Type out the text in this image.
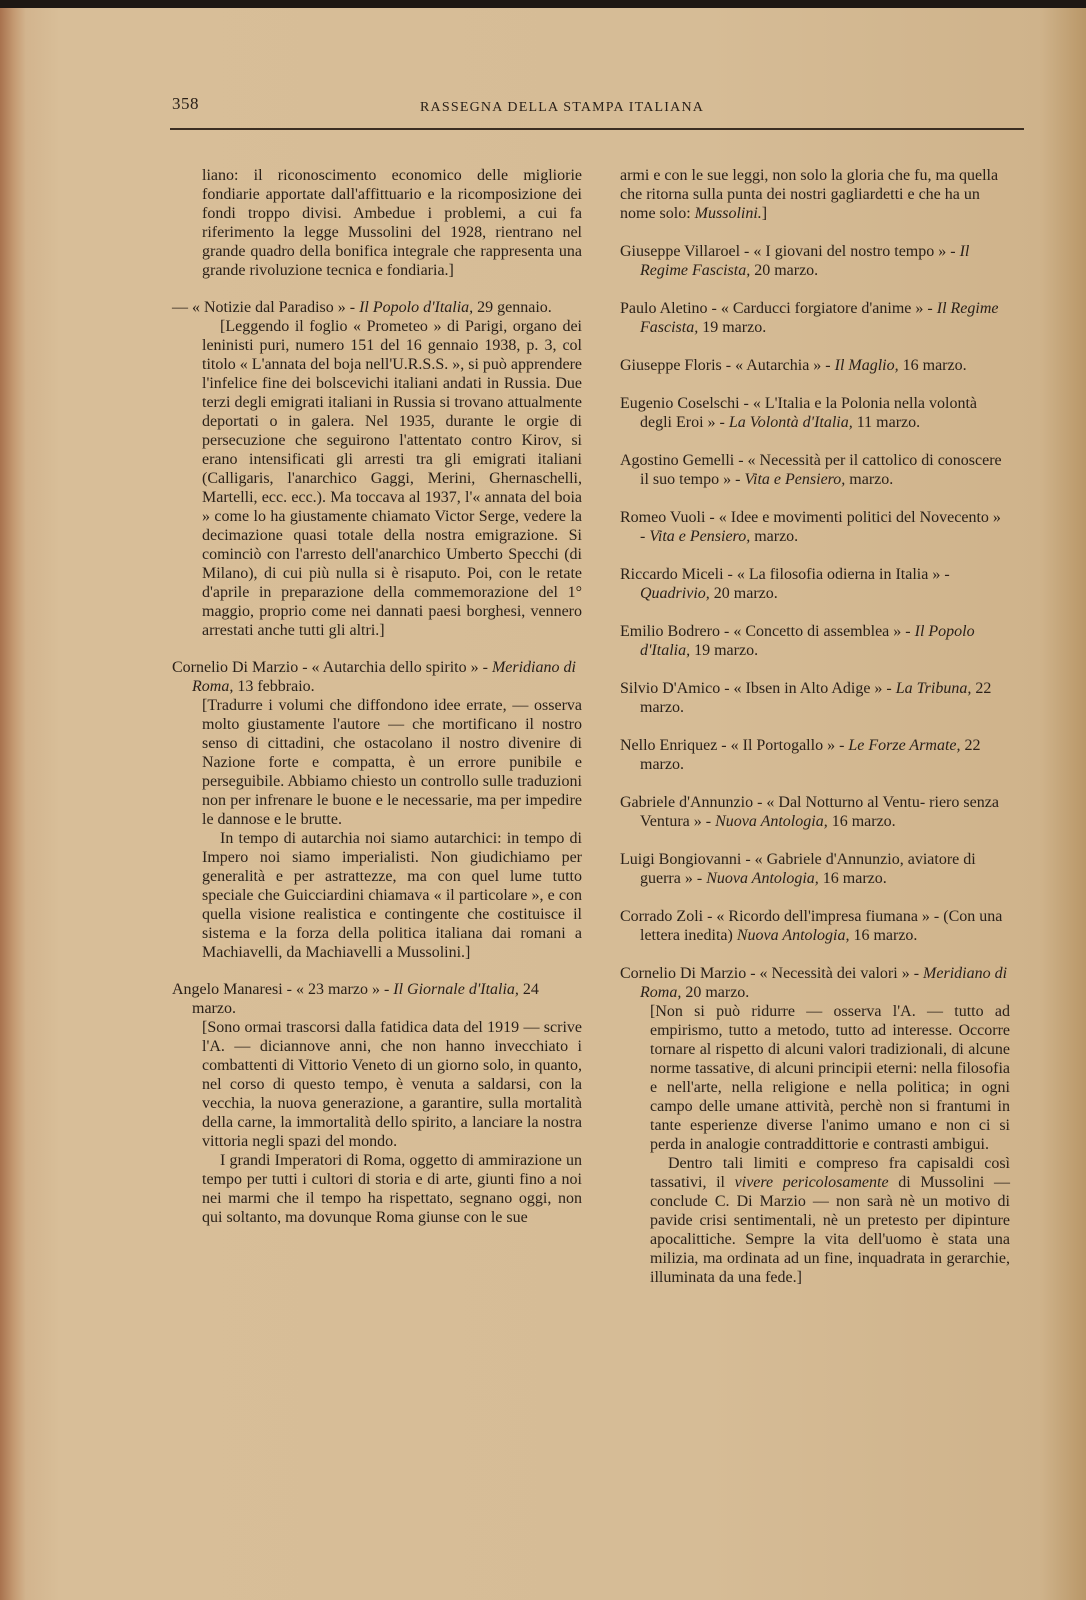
358	RASSEGNA DELLA STAMPA ITALIANA

liano: il riconoscimento economico delle migliorie fondiarie apportate dall'affittuario e la ricomposizione dei fondi troppo divisi. Ambedue i problemi, a cui fa riferimento la legge Mussolini del 1928, rientrano nel grande quadro della bonifica integrale che rappresenta una grande rivoluzione tecnica e fondiaria.]

— « Notizie dal Paradiso » - Il Popolo d'Italia, 29 gennaio.

[Leggendo il foglio « Prometeo » di Parigi, organo dei leninisti puri, numero 151 del 16 gennaio 1938, p. 3, col titolo « L'annata del boja nell'U.R.S.S. », si può apprendere l'infelice fine dei bolscevichi italiani andati in Russia. Due terzi degli emigrati italiani in Russia si trovano attualmente deportati o in galera. Nel 1935, durante le orgie di persecuzione che seguirono l'attentato contro Kirov, si erano intensificati gli arresti tra gli emigrati italiani (Calligaris, l'anarchico Gaggi, Merini, Ghernaschelli, Martelli, ecc. ecc.). Ma toccava al 1937, l'« annata del boia » come lo ha giustamente chiamato Victor Serge, vedere la decimazione quasi totale della nostra emigrazione. Si cominciò con l'arresto dell'anarchico Umberto Specchi (di Milano), di cui più nulla si è risaputo. Poi, con le retate d'aprile in preparazione della commemorazione del 1° maggio, proprio come nei dannati paesi borghesi, vennero arrestati anche tutti gli altri.]

Cornelio Di Marzio - « Autarchia dello spirito » - Meridiano di Roma, 13 febbraio.

[Tradurre i volumi che diffondono idee errate, — osserva molto giustamente l'autore — che mortificano il nostro senso di cittadini, che ostacolano il nostro divenire di Nazione forte e compatta, è un errore punibile e perseguibile. Abbiamo chiesto un controllo sulle traduzioni non per infrenare le buone e le necessarie, ma per impedire le dannose e le brutte.

In tempo di autarchia noi siamo autarchici: in tempo di Impero noi siamo imperialisti. Non giudichiamo per generalità e per astrattezze, ma con quel lume tutto speciale che Guicciardini chiamava « il particolare », e con quella visione realistica e contingente che costituisce il sistema e la forza della politica italiana dai romani a Machiavelli, da Machiavelli a Mussolini.]

Angelo Manaresi - « 23 marzo » - Il Giornale d'Italia, 24 marzo.

[Sono ormai trascorsi dalla fatidica data del 1919 — scrive l'A. — diciannove anni, che non hanno invecchiato i combattenti di Vittorio Veneto di un giorno solo, in quanto, nel corso di questo tempo, è venuta a saldarsi, con la vecchia, la nuova generazione, a garantire, sulla mortalità della carne, la immortalità dello spirito, a lanciare la nostra vittoria negli spazi del mondo.

I grandi Imperatori di Roma, oggetto di ammirazione un tempo per tutti i cultori di storia e di arte, giunti fino a noi nei marmi che il tempo ha rispettato, segnano oggi, non qui soltanto, ma dovunque Roma giunse con le sue

armi e con le sue leggi, non solo la gloria che fu, ma quella che ritorna sulla punta dei nostri gagliardetti e che ha un nome solo: Mussolini.]
Giuseppe Villaroel - « I giovani del nostro tempo » - Il Regime Fascista, 20 marzo.
Paulo Aletino - « Carducci forgiatore d'anime » - Il Regime Fascista, 19 marzo.
Giuseppe Floris - « Autarchia » - Il Maglio, 16 marzo.
Eugenio Coselschi - « L'Italia e la Polonia nella volontà degli Eroi » - La Volontà d'Italia, 11 marzo.
Agostino Gemelli - « Necessità per il cattolico di conoscere il suo tempo » - Vita e Pensiero, marzo.
Romeo Vuoli - « Idee e movimenti politici del Novecento » - Vita e Pensiero, marzo.
Riccardo Miceli - « La filosofia odierna in Italia » - Quadrivio, 20 marzo.
Emilio Bodrero - « Concetto di assemblea » - Il Popolo d'Italia, 19 marzo.
Silvio D'Amico - « Ibsen in Alto Adige » - La Tribuna, 22 marzo.
Nello Enriquez - « Il Portogallo » - Le Forze Armate, 22 marzo.
Gabriele d'Annunzio - « Dal Notturno al Ventu- riero senza Ventura » - Nuova Antologia, 16 marzo.
Luigi Bongiovanni - « Gabriele d'Annunzio, aviatore di guerra » - Nuova Antologia, 16 marzo.
Corrado Zoli - « Ricordo dell'impresa fiumana » - (Con una lettera inedita) Nuova Antologia, 16 marzo.
Cornelio Di Marzio - « Necessità dei valori » - Meridiano di Roma, 20 marzo.

[Non si può ridurre — osserva l'A. — tutto ad empirismo, tutto a metodo, tutto ad interesse. Occorre tornare al rispetto di alcuni valori tradizionali, di alcune norme tassative, di alcuni principii eterni: nella filosofia e nell'arte, nella religione e nella politica; in ogni campo delle umane attività, perchè non si frantumi in tante esperienze diverse l'animo umano e non ci si perda in analogie contraddittorie e contrasti ambigui.

Dentro tali limiti e compreso fra capisaldi così tassativi, il vivere pericolosamente di Mussolini — conclude C. Di Marzio — non sarà nè un motivo di pavide crisi sentimentali, nè un pretesto per dipinture apocalittiche. Sempre la vita dell'uomo è stata una milizia, ma ordinata ad un fine, inquadrata in gerarchie, illuminata da una fede.]
